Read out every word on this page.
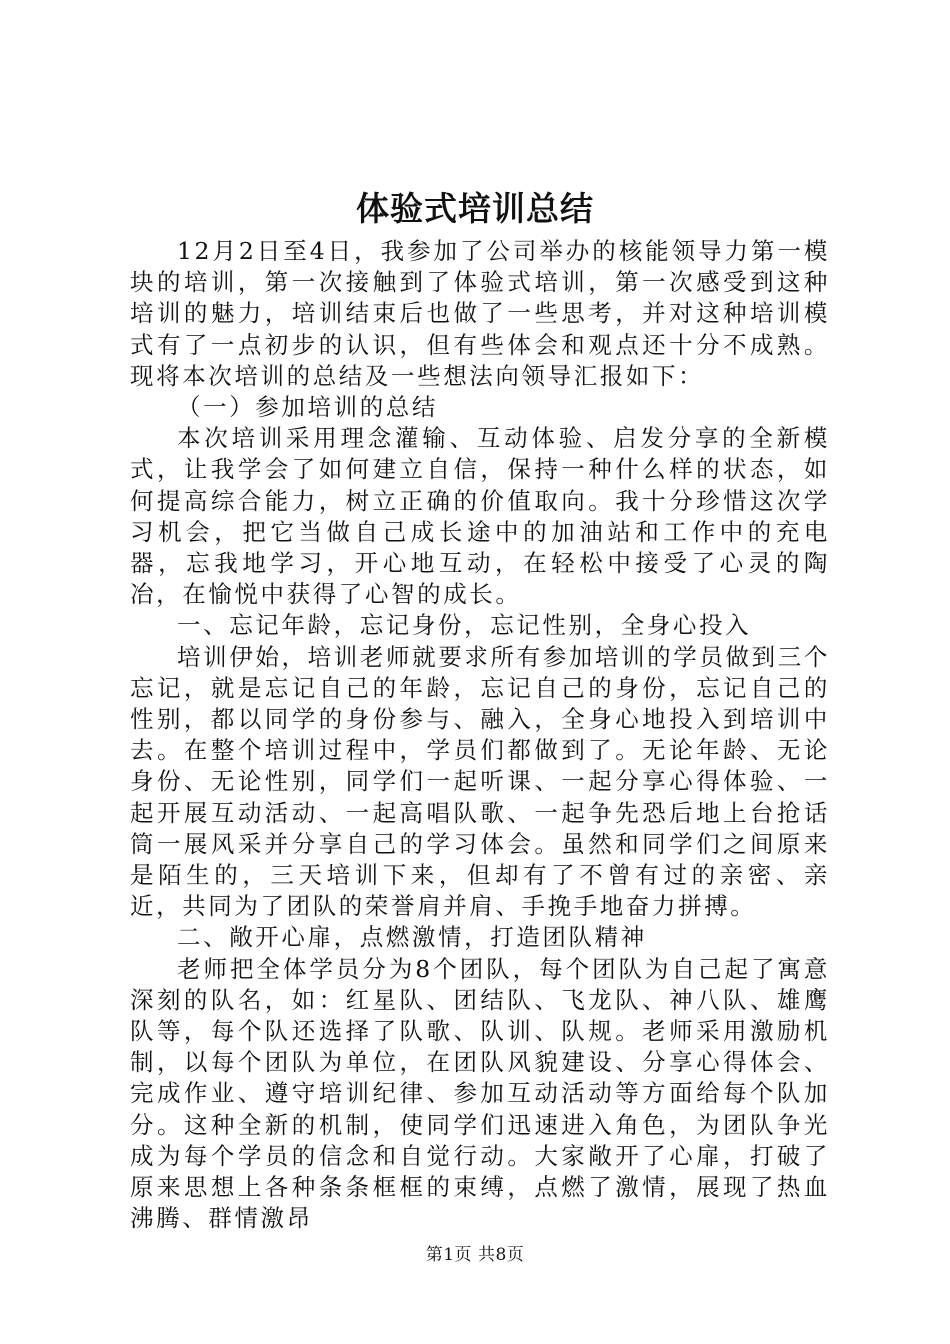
体验式培训总结

12月2日至4日，我参加了公司举办的核能领导力第一模块的培训，第一次接触到了体验式培训，第一次感受到这种培训的魅力，培训结束后也做了一些思考，并对这种培训模式有了一点初步的认识，但有些体会和观点还十分不成熟。现将本次培训的总结及一些想法向领导汇报如下：

（一）参加培训的总结

本次培训采用理念灌输、互动体验、启发分享的全新模式，让我学会了如何建立自信，保持一种什么样的状态，如何提高综合能力，树立正确的价值取向。我十分珍惜这次学习机会，把它当做自己成长途中的加油站和工作中的充电器，忘我地学习，开心地互动，在轻松中接受了心灵的陶冶，在愉悦中获得了心智的成长。

一、忘记年龄，忘记身份，忘记性别，全身心投入

培训伊始，培训老师就要求所有参加培训的学员做到三个忘记，就是忘记自己的年龄，忘记自己的身份，忘记自己的性别，都以同学的身份参与、融入，全身心地投入到培训中去。在整个培训过程中，学员们都做到了。无论年龄、无论身份、无论性别，同学们一起听课、一起分享心得体验、一起开展互动活动、一起高唱队歌、一起争先恐后地上台抢话筒一展风采并分享自己的学习体会。虽然和同学们之间原来是陌生的，三天培训下来，但却有了不曾有过的亲密、亲近，共同为了团队的荣誉肩并肩、手挽手地奋力拼搏。

二、敞开心扉，点燃激情，打造团队精神

老师把全体学员分为8个团队，每个团队为自己起了寓意深刻的队名，如：红星队、团结队、飞龙队、神八队、雄鹰队等，每个队还选择了队歌、队训、队规。老师采用激励机制，以每个团队为单位，在团队风貌建设、分享心得体会、完成作业、遵守培训纪律、参加互动活动等方面给每个队加分。这种全新的机制，使同学们迅速进入角色，为团队争光成为每个学员的信念和自觉行动。大家敞开了心扉，打破了原来思想上各种条条框框的束缚，点燃了激情，展现了热血沸腾、群情激昂

第1页 共8页
